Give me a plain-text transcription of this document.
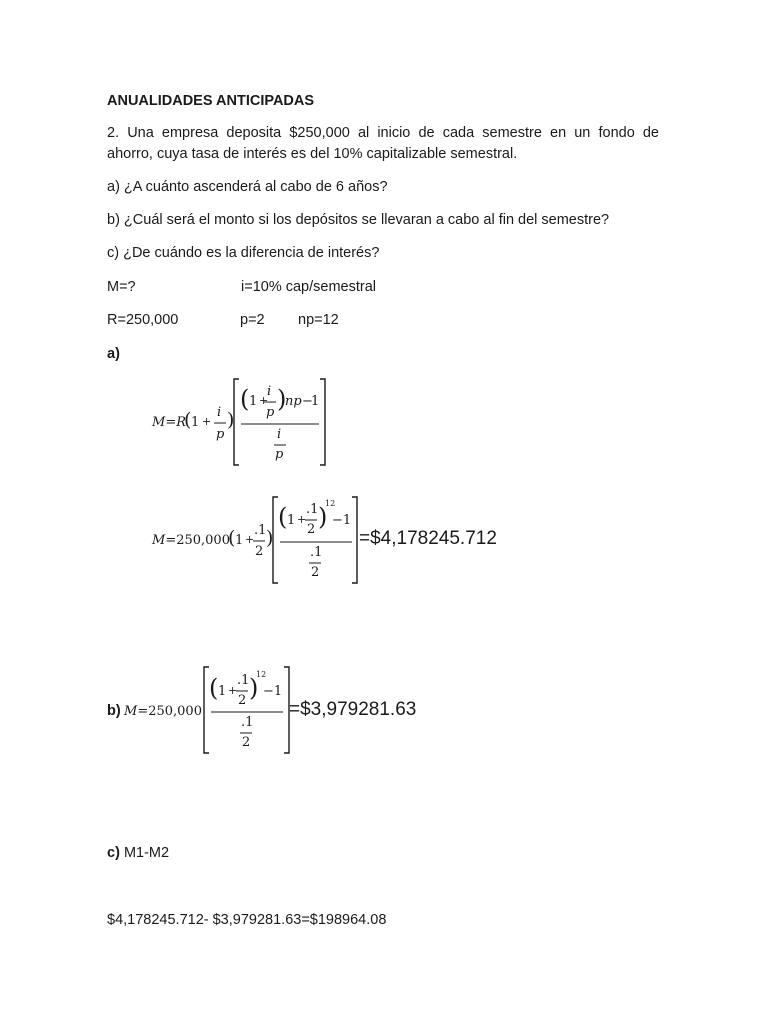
ANUALIDADES ANTICIPADAS
2. Una empresa deposita $250,000 al inicio de cada semestre en un fondo de
ahorro, cuya tasa de interés es del 10% capitalizable semestral.
a) ¿A cuánto ascenderá al cabo de 6 años?
b) ¿Cuál será el monto si los depósitos se llevaran a cabo al fin del semestre?
c) ¿De cuándo es la diferencia de interés?
M=?	i=10% cap/semestral
R=250,000	p=2 np=12
a)
M=R
( 1 +
i
p
)
( 1 +
i
p )
np −
1
i
p
M=250,000
( 1 +
.1
2
)
( 1 +
.1
2 )
12
−1
.1
2
=$4,178245.712
b) M=250,000
( 1 +
.1
2 )
12
−1
.1
2
=$3,979281.63
c) M1-M2
$4,178245.712- $3,979281.63=$198964.08
